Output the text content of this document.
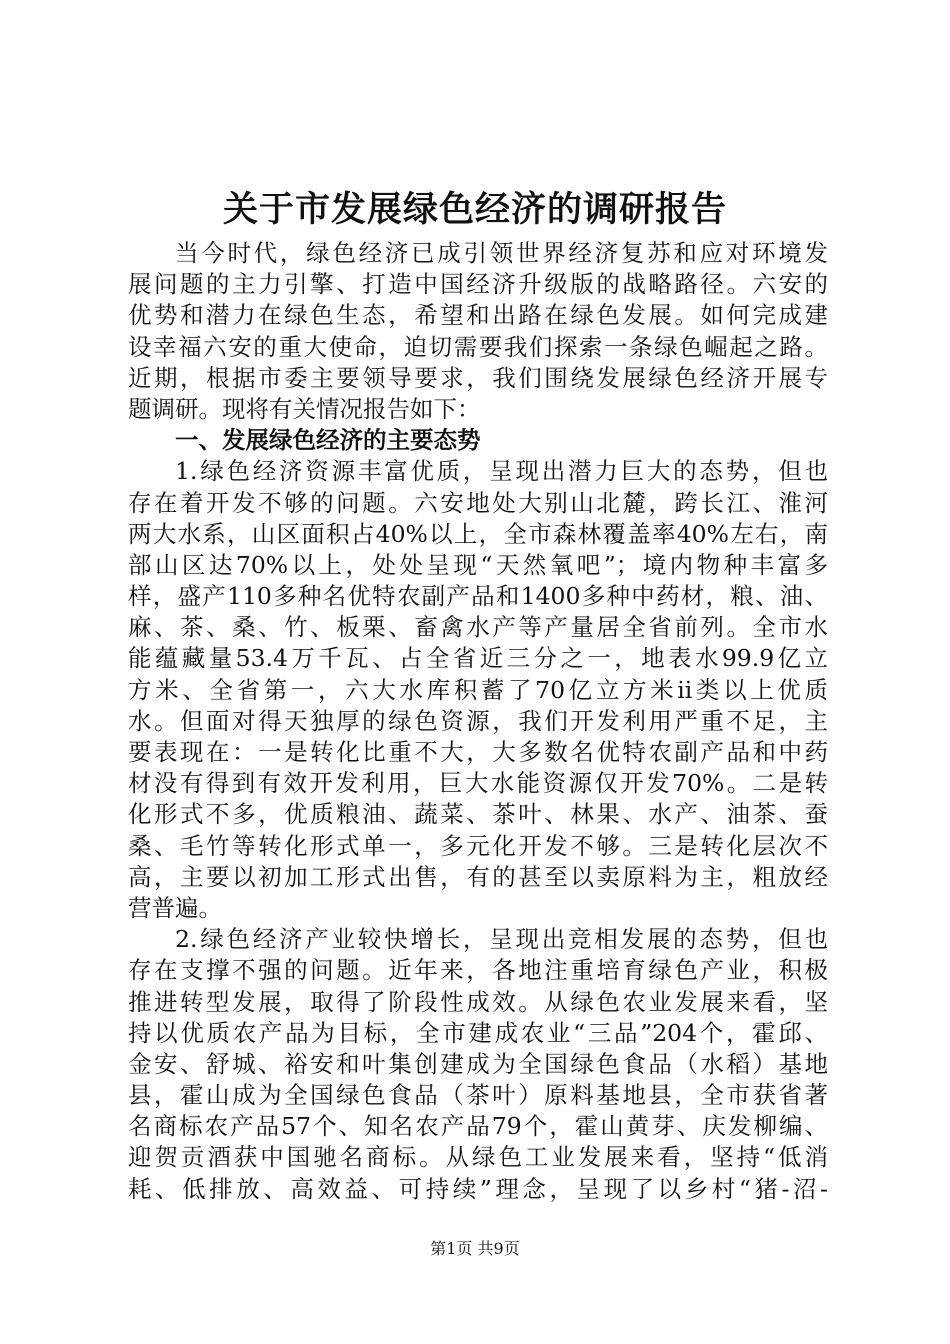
关于市发展绿色经济的调研报告
当今时代，绿色经济已成引领世界经济复苏和应对环境发
展问题的主力引擎、打造中国经济升级版的战略路径。六安的
优势和潜力在绿色生态，希望和出路在绿色发展。如何完成建
设幸福六安的重大使命，迫切需要我们探索一条绿色崛起之路。
近期，根据市委主要领导要求，我们围绕发展绿色经济开展专
题调研。现将有关情况报告如下：
一、发展绿色经济的主要态势
1.绿色经济资源丰富优质，呈现出潜力巨大的态势，但也
存在着开发不够的问题。六安地处大别山北麓，跨长江、淮河
两大水系，山区面积占40%以上，全市森林覆盖率40%左右，南
部山区达70%以上，处处呈现“天然氧吧”；境内物种丰富多
样，盛产110多种名优特农副产品和1400多种中药材，粮、油、
麻、茶、桑、竹、板栗、畜禽水产等产量居全省前列。全市水
能蕴藏量53.4万千瓦、占全省近三分之一，地表水99.9亿立
方米、全省第一，六大水库积蓄了70亿立方米ii类以上优质
水。但面对得天独厚的绿色资源，我们开发利用严重不足，主
要表现在：一是转化比重不大，大多数名优特农副产品和中药
材没有得到有效开发利用，巨大水能资源仅开发70%。二是转
化形式不多，优质粮油、蔬菜、茶叶、林果、水产、油茶、蚕
桑、毛竹等转化形式单一，多元化开发不够。三是转化层次不
高，主要以初加工形式出售，有的甚至以卖原料为主，粗放经
营普遍。
2.绿色经济产业较快增长，呈现出竞相发展的态势，但也
存在支撑不强的问题。近年来，各地注重培育绿色产业，积极
推进转型发展，取得了阶段性成效。从绿色农业发展来看，坚
持以优质农产品为目标，全市建成农业“三品”204个，霍邱、
金安、舒城、裕安和叶集创建成为全国绿色食品（水稻）基地
县，霍山成为全国绿色食品（茶叶）原料基地县，全市获省著
名商标农产品57个、知名农产品79个，霍山黄芽、庆发柳编、
迎贺贡酒获中国驰名商标。从绿色工业发展来看，坚持“低消
耗、低排放、高效益、可持续”理念，呈现了以乡村“猪-沼-
第1页 共9页
